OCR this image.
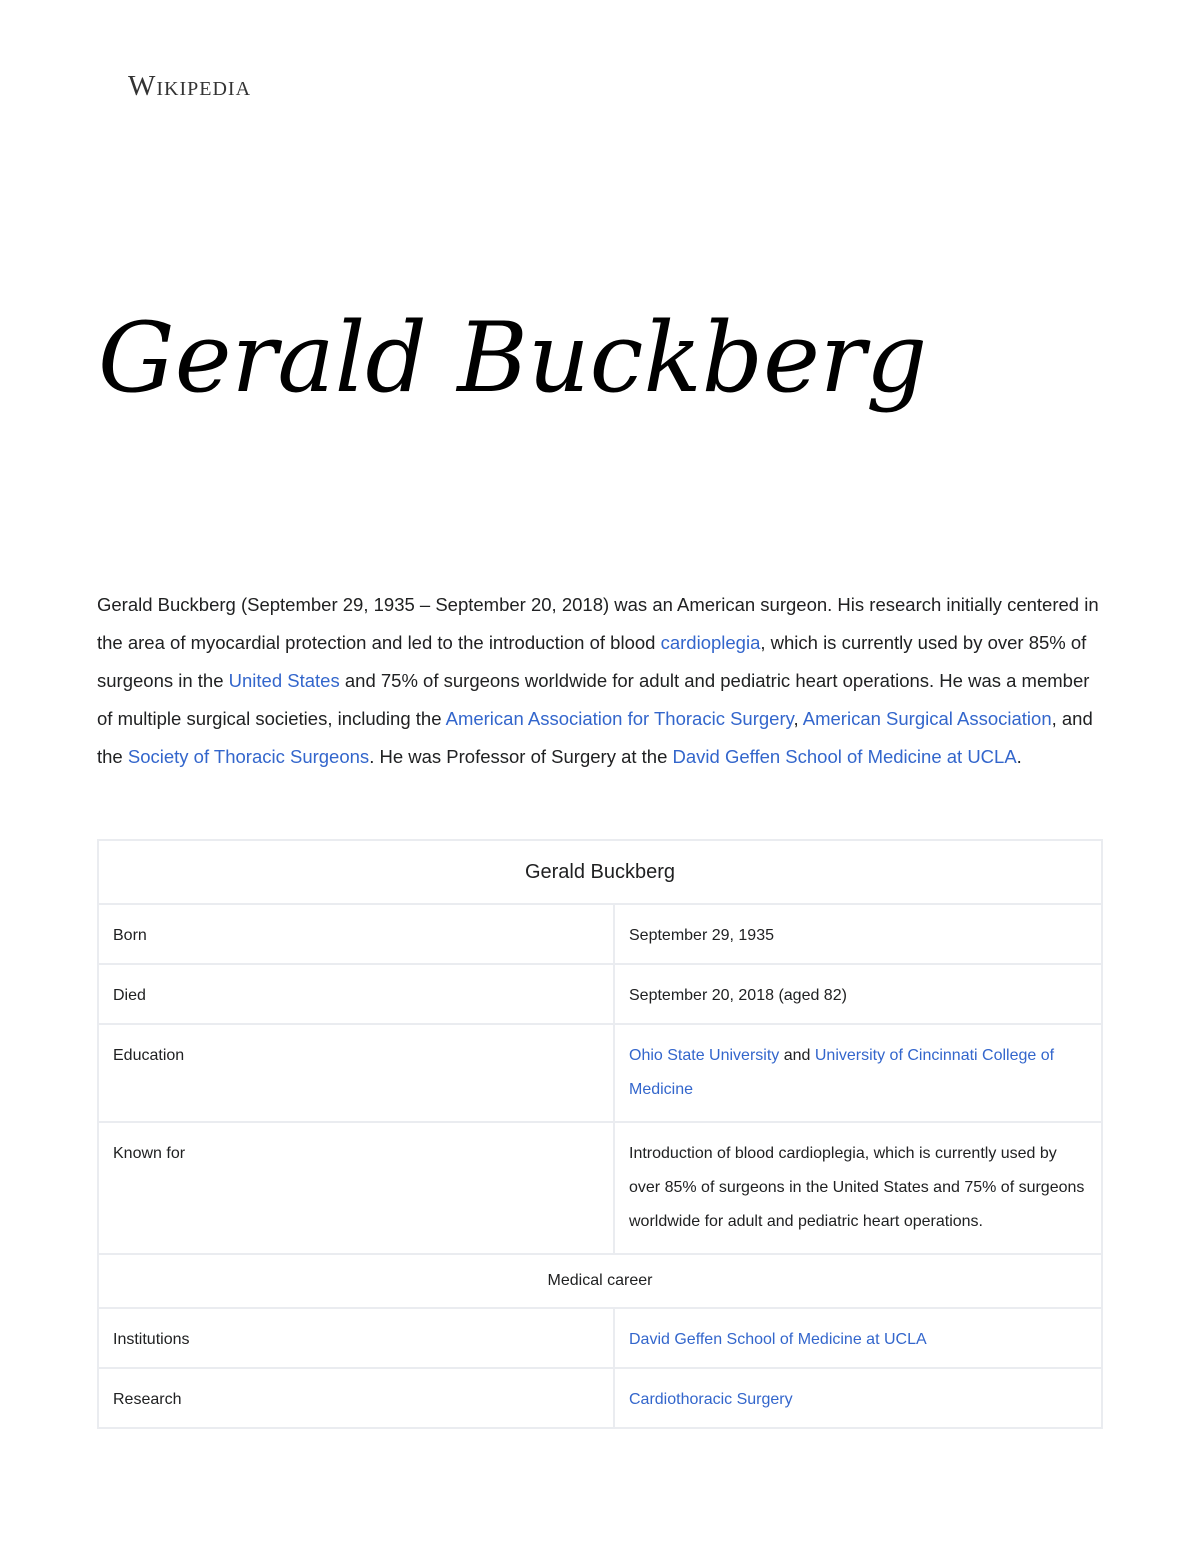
Wikipedia
Gerald Buckberg

Gerald Buckberg (September 29, 1935 – September 20, 2018) was an American surgeon. His research initially centered in the area of myocardial protection and led to the introduction of blood cardioplegia, which is currently used by over 85% of surgeons in the United States and 75% of surgeons worldwide for adult and pediatric heart operations. He was a member of multiple surgical societies, including the American Association for Thoracic Surgery, American Surgical Association, and the Society of Thoracic Surgeons. He was Professor of Surgery at the David Geffen School of Medicine at UCLA.

Gerald Buckberg	
Born	September 29, 1935
Died	September 20, 2018 (aged 82)
Education	Ohio State University and University of Cincinnati College of Medicine
Known for	Introduction of blood cardioplegia, which is currently used by over 85% of surgeons in the United States and 75% of surgeons worldwide for adult and pediatric heart operations.
Medical career	
Institutions	David Geffen School of Medicine at UCLA
Research	Cardiothoracic Surgery
